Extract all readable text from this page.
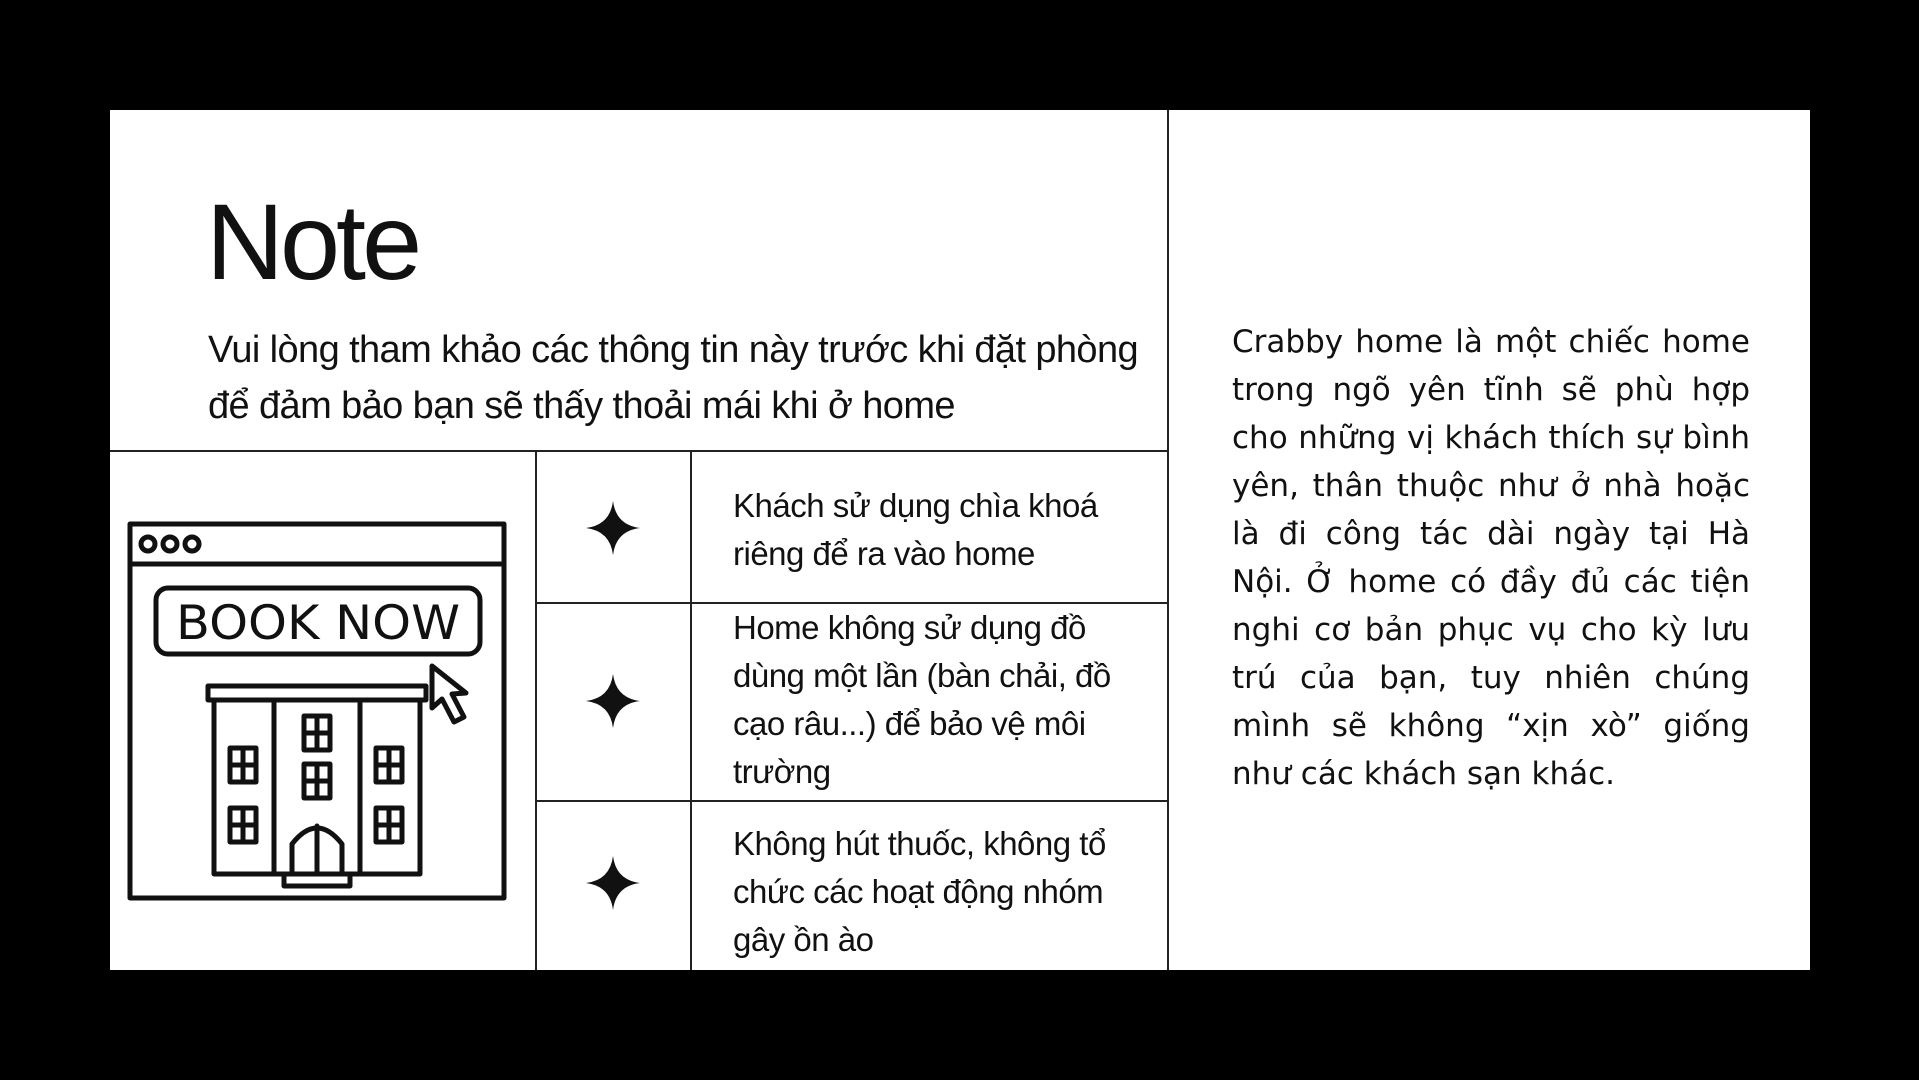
Note

Vui lòng tham khảo các thông tin này trước khi đặt phòng để đảm bảo bạn sẽ thấy thoải mái khi ở home

BOOK NOW

Khách sử dụng chìa khoá riêng để ra vào home

Home không sử dụng đồ dùng một lần (bàn chải, đồ cạo râu...) để bảo vệ môi trường

Không hút thuốc, không tổ chức các hoạt động nhóm gây ồn ào

Crabby home là một chiếc home trong ngõ yên tĩnh sẽ phù hợp cho những vị khách thích sự bình yên, thân thuộc như ở nhà hoặc là đi công tác dài ngày tại Hà Nội. Ở home có đầy đủ các tiện nghi cơ bản phục vụ cho kỳ lưu trú của bạn, tuy nhiên chúng mình sẽ không “xịn xò” giống như các khách sạn khác.
